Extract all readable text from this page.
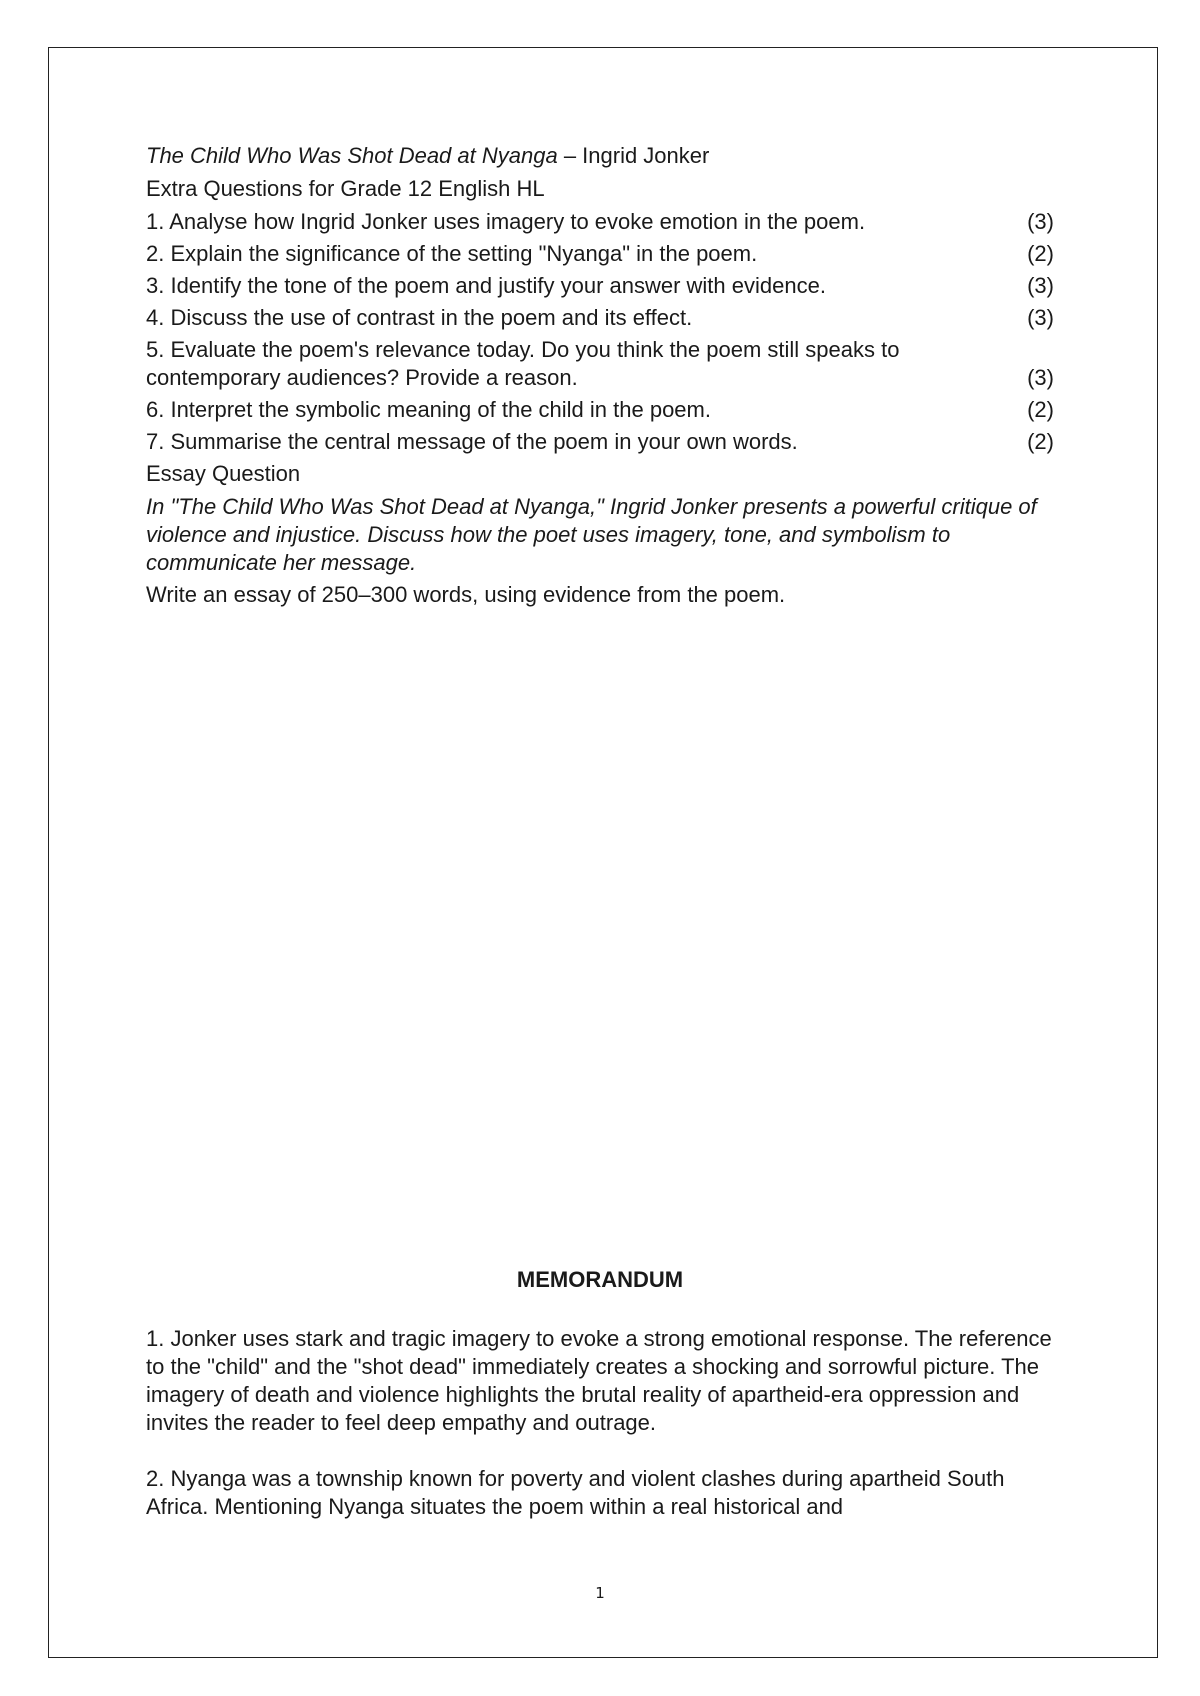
The Child Who Was Shot Dead at Nyanga – Ingrid Jonker
Extra Questions for Grade 12 English HL
1. Analyse how Ingrid Jonker uses imagery to evoke emotion in the poem.	(3)
2. Explain the significance of the setting "Nyanga" in the poem.	(2)
3. Identify the tone of the poem and justify your answer with evidence.	(3)
4. Discuss the use of contrast in the poem and its effect.	(3)
5. Evaluate the poem's relevance today. Do you think the poem still speaks to contemporary audiences? Provide a reason.	(3)
6. Interpret the symbolic meaning of the child in the poem.	(2)
7. Summarise the central message of the poem in your own words.	(2)
Essay Question
In "The Child Who Was Shot Dead at Nyanga," Ingrid Jonker presents a powerful critique of violence and injustice. Discuss how the poet uses imagery, tone, and symbolism to communicate her message.
Write an essay of 250–300 words, using evidence from the poem.
MEMORANDUM

1. Jonker uses stark and tragic imagery to evoke a strong emotional response. The reference to the "child" and the "shot dead" immediately creates a shocking and sorrowful picture. The imagery of death and violence highlights the brutal reality of apartheid-era oppression and invites the reader to feel deep empathy and outrage.

2. Nyanga was a township known for poverty and violent clashes during apartheid South Africa. Mentioning Nyanga situates the poem within a real historical and

1
